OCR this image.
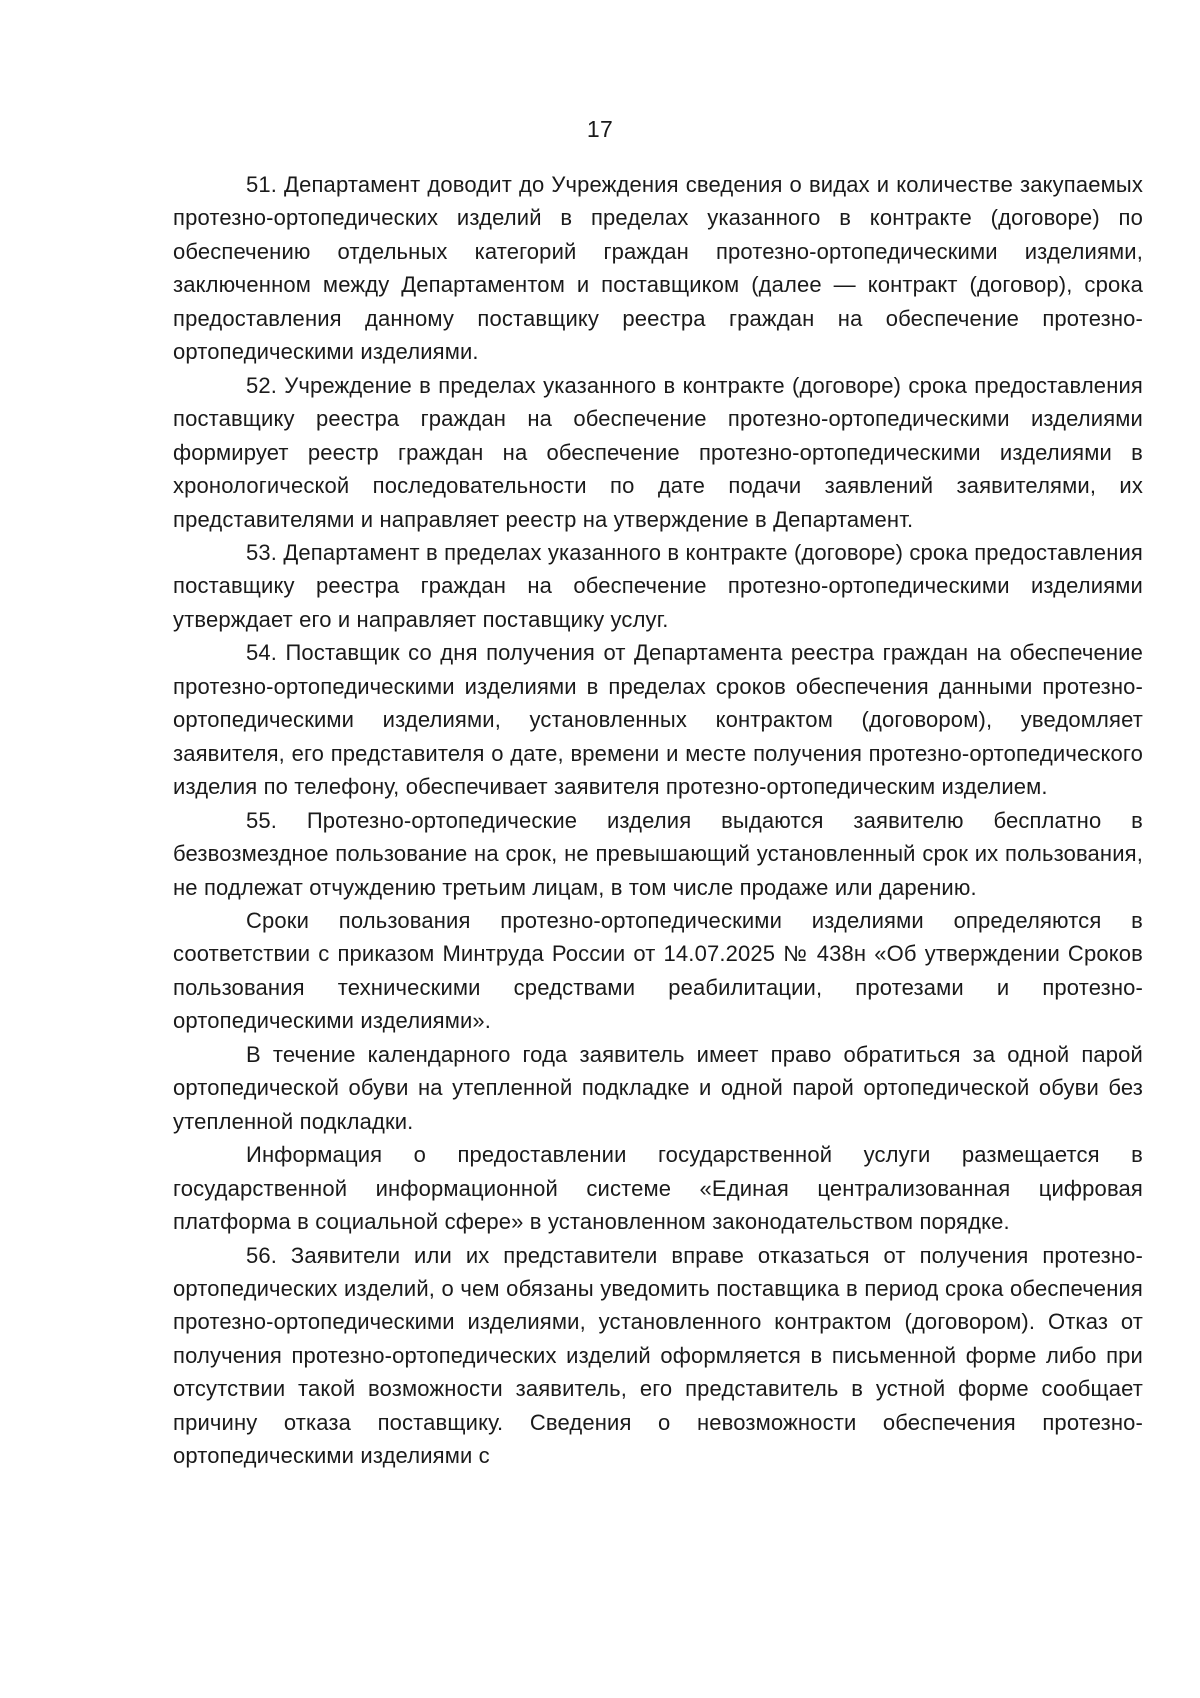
17

51. Департамент доводит до Учреждения сведения о видах и количестве закупаемых протезно-ортопедических изделий в пределах указанного в контракте (договоре) по обеспечению отдельных категорий граждан протезно-ортопедическими изделиями, заключенном между Департаментом и поставщиком (далее — контракт (договор), срока предоставления данному поставщику реестра граждан на обеспечение протезно-ортопедическими изделиями.

52. Учреждение в пределах указанного в контракте (договоре) срока предоставления поставщику реестра граждан на обеспечение протезно-ортопедическими изделиями формирует реестр граждан на обеспечение протезно-ортопедическими изделиями в хронологической последовательности по дате подачи заявлений заявителями, их представителями и направляет реестр на утверждение в Департамент.

53. Департамент в пределах указанного в контракте (договоре) срока предоставления поставщику реестра граждан на обеспечение протезно-ортопедическими изделиями утверждает его и направляет поставщику услуг.

54. Поставщик со дня получения от Департамента реестра граждан на обеспечение протезно-ортопедическими изделиями в пределах сроков обеспечения данными протезно-ортопедическими изделиями, установленных контрактом (договором), уведомляет заявителя, его представителя о дате, времени и месте получения протезно-ортопедического изделия по телефону, обеспечивает заявителя протезно-ортопедическим изделием.

55. Протезно-ортопедические изделия выдаются заявителю бесплатно в безвозмездное пользование на срок, не превышающий установленный срок их пользования, не подлежат отчуждению третьим лицам, в том числе продаже или дарению.

Сроки пользования протезно-ортопедическими изделиями определяются в соответствии с приказом Минтруда России от 14.07.2025 № 438н «Об утверждении Сроков пользования техническими средствами реабилитации, протезами и протезно-ортопедическими изделиями».

В течение календарного года заявитель имеет право обратиться за одной парой ортопедической обуви на утепленной подкладке и одной парой ортопедической обуви без утепленной подкладки.

Информация о предоставлении государственной услуги размещается в государственной информационной системе «Единая централизованная цифровая платформа в социальной сфере» в установленном законодательством порядке.

56. Заявители или их представители вправе отказаться от получения протезно-ортопедических изделий, о чем обязаны уведомить поставщика в период срока обеспечения протезно-ортопедическими изделиями, установленного контрактом (договором). Отказ от получения протезно-ортопедических изделий оформляется в письменной форме либо при отсутствии такой возможности заявитель, его представитель в устной форме сообщает причину отказа поставщику. Сведения о невозможности обеспечения протезно-ортопедическими изделиями с
